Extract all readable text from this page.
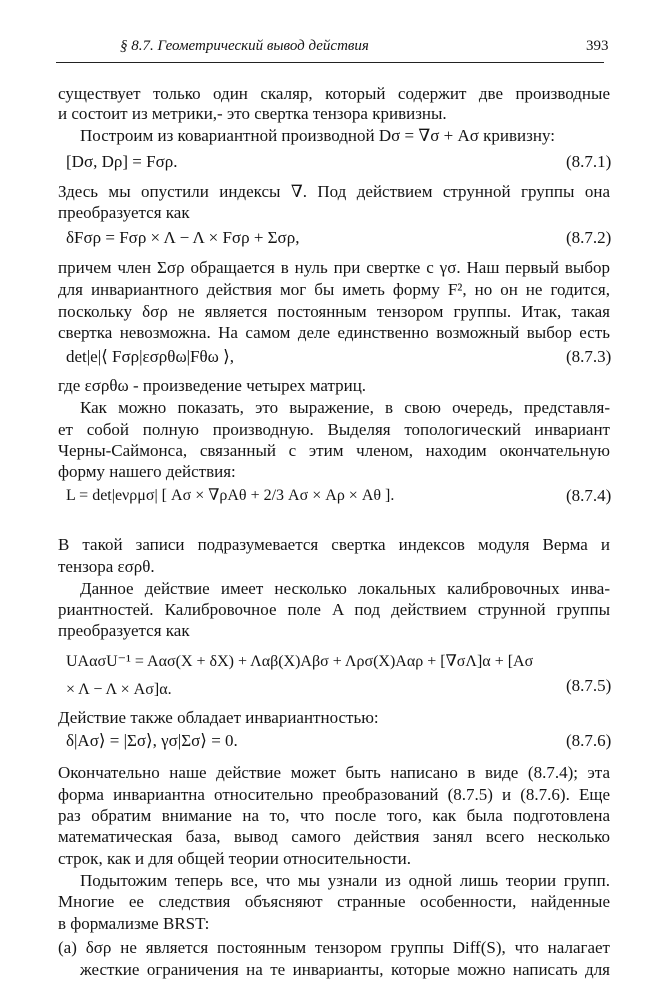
§ 8.7. Геометрический вывод действия	393
существует только один скаляр, который содержит две производные
и состоит из метрики,- это свертка тензора кривизны.
Построим из ковариантной производной Dσ = ∇σ + Aσ кривизну:
[Dσ, Dρ] = Fσρ.	(8.7.1)
Здесь мы опустили индексы ∇. Под действием струнной группы она
преобразуется как
δFσρ = Fσρ × Λ − Λ × Fσρ + Σσρ,	(8.7.2)
причем член Σσρ обращается в нуль при свертке с γσ. Наш первый выбор
для инвариантного действия мог бы иметь форму F², но он не годится,
поскольку δσρ не является постоянным тензором группы. Итак, такая
свертка невозможна. На самом деле единственно возможный выбор есть
det|e|⟨ Fσρ|εσρθω|Fθω ⟩,	(8.7.3)
где εσρθω - произведение четырех матриц.
Как можно показать, это выражение, в свою очередь, представля-
ет собой полную производную. Выделяя топологический инвариант
Черны-Саймонса, связанный с этим членом, находим окончательную
форму нашего действия:
L = det|eνρμσ| [ Aσ × ∇ρAθ + 2/3 Aσ × Aρ × Aθ ].	(8.7.4)
В такой записи подразумевается свертка индексов модуля Верма и
тензора εσρθ.
Данное действие имеет несколько локальных калибровочных инва-
риантностей. Калибровочное поле A под действием струнной группы
преобразуется как
UAασU⁻¹ = Aασ(X + δX) + Λαβ(X)Aβσ + Λρσ(X)Aαρ + [∇σΛ]α + [Aσ × Λ − Λ × Aσ]α.	(8.7.5)
Действие также обладает инвариантностью:
δ|Aσ⟩ = |Σσ⟩, γσ|Σσ⟩ = 0.	(8.7.6)
Окончательно наше действие может быть написано в виде (8.7.4); эта
форма инвариантна относительно преобразований (8.7.5) и (8.7.6). Еще
раз обратим внимание на то, что после того, как была подготовлена
математическая база, вывод самого действия занял всего несколько
строк, как и для общей теории относительности.
Подытожим теперь все, что мы узнали из одной лишь теории групп.
Многие ее следствия объясняют странные особенности, найденные
в формализме BRST:
(a) δσρ не является постоянным тензором группы Diff(S), что налагает
жесткие ограничения на те инварианты, которые можно написать для
